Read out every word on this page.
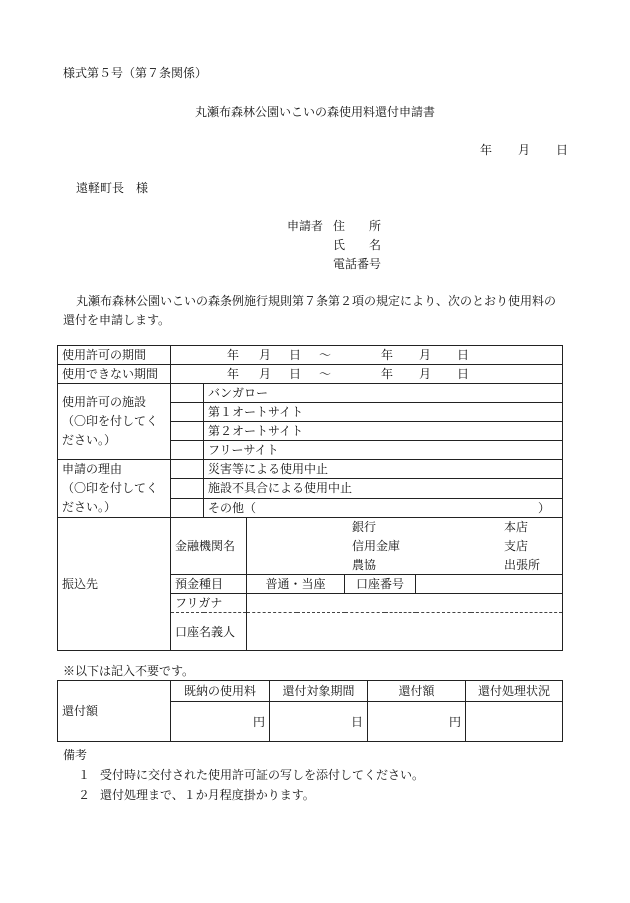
様式第５号（第７条関係）
丸瀬布森林公園いこいの森使用料還付申請書
年 月 日
遠軽町長　様
申請者 住　　所
氏　　名
電話番号
丸瀬布森林公園いこいの森条例施行規則第７条第２項の規定により、次のとおり使用料の
還付を申請します。
使用許可の期間	年 月 日 ～ 年 月 日				
使用できない期間	年 月 日 ～ 年 月 日				

使用許可の施設
（〇印を付してく
ださい。）		バンガロー			
		第１オートサイト			
		第２オートサイト			
		フリーサイト			

申請の理由
（〇印を付してく
ださい。）		災害等による使用中止			
		施設不具合による使用中止			
		その他（ ）			

振込先	金融機関名		銀行 本店		
			信用金庫 支店		
			農協 出張所		
	預金種目		普通・当座	口座番号	
	フリガナ				
	口座名義人				
※以下は記入不要です。
還付額	既納の使用料	還付対象期間	還付額	還付処理状況
	円	日	円	
備考
１ 受付時に交付された使用許可証の写しを添付してください。
２ 還付処理まで、１か月程度掛かります。
